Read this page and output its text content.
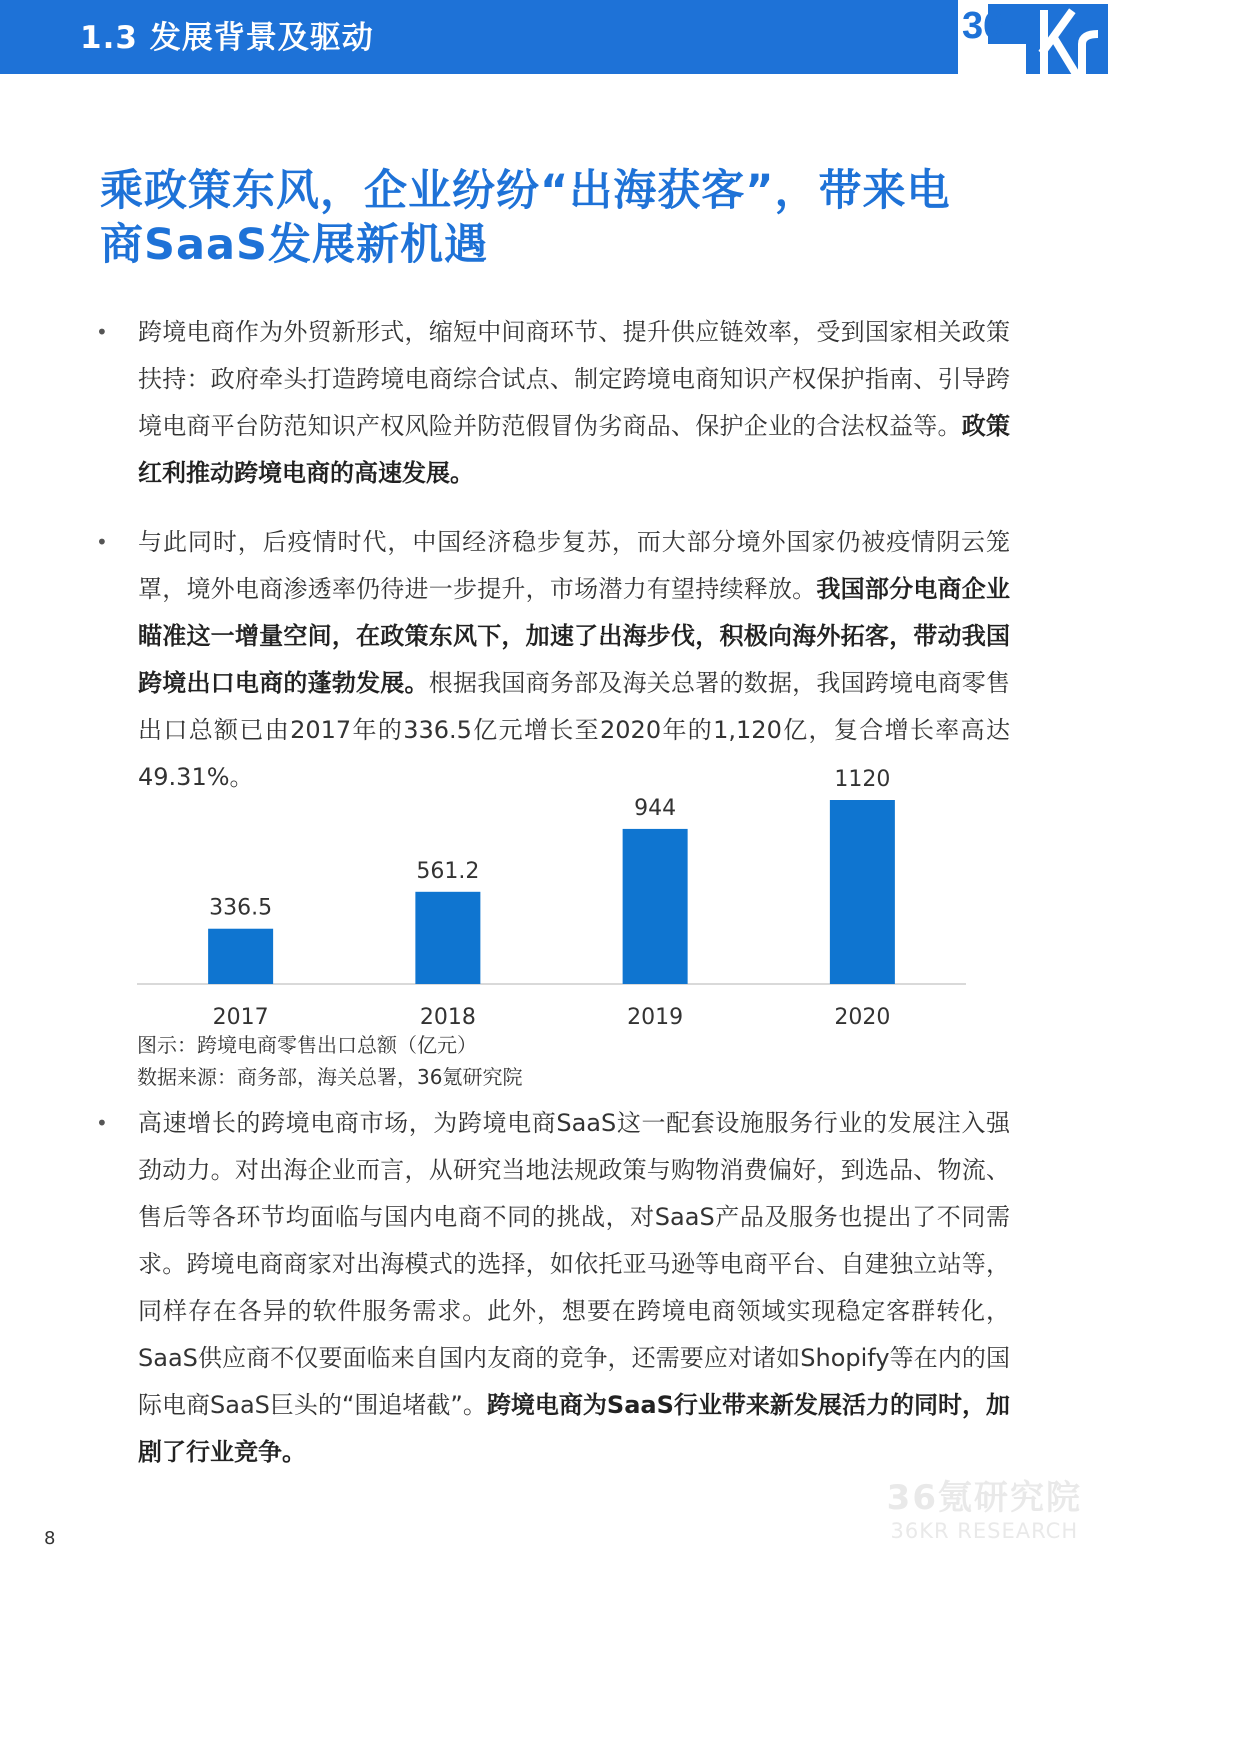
1.3 发展背景及驱动	36
乘政策东风，企业纷纷“出海获客”，带来电
商SaaS发展新机遇
• 跨境电商作为外贸新形式，缩短中间商环节、提升供应链效率，受到国家相关政策扶持：政府牵头打造跨境电商综合试点、制定跨境电商知识产权保护指南、引导跨境电商平台防范知识产权风险并防范假冒伪劣商品、保护企业的合法权益等。政策红利推动跨境电商的高速发展。
• 与此同时，后疫情时代，中国经济稳步复苏，而大部分境外国家仍被疫情阴云笼罩，境外电商渗透率仍待进一步提升，市场潜力有望持续释放。我国部分电商企业瞄准这一增量空间，在政策东风下，加速了出海步伐，积极向海外拓客，带动我国跨境出口电商的蓬勃发展。根据我国商务部及海关总署的数据，我国跨境电商零售出口总额已由2017年的336.5亿元增长至2020年的1,120亿，复合增长率高达49.31%。
336.5
2017
561.2
2018
944
2019
1120
2020
图示：跨境电商零售出口总额（亿元）
数据来源：商务部，海关总署，36氪研究院
• 高速增长的跨境电商市场，为跨境电商SaaS这一配套设施服务行业的发展注入强劲动力。对出海企业而言，从研究当地法规政策与购物消费偏好，到选品、物流、售后等各环节均面临与国内电商不同的挑战，对SaaS产品及服务也提出了不同需求。跨境电商商家对出海模式的选择，如依托亚马逊等电商平台、自建独立站等，同样存在各异的软件服务需求。此外，想要在跨境电商领域实现稳定客群转化，SaaS供应商不仅要面临来自国内友商的竞争，还需要应对诸如Shopify等在内的国际电商SaaS巨头的“围追堵截”。跨境电商为SaaS行业带来新发展活力的同时，加剧了行业竞争。
36氪研究院
36KR RESEARCH
8
